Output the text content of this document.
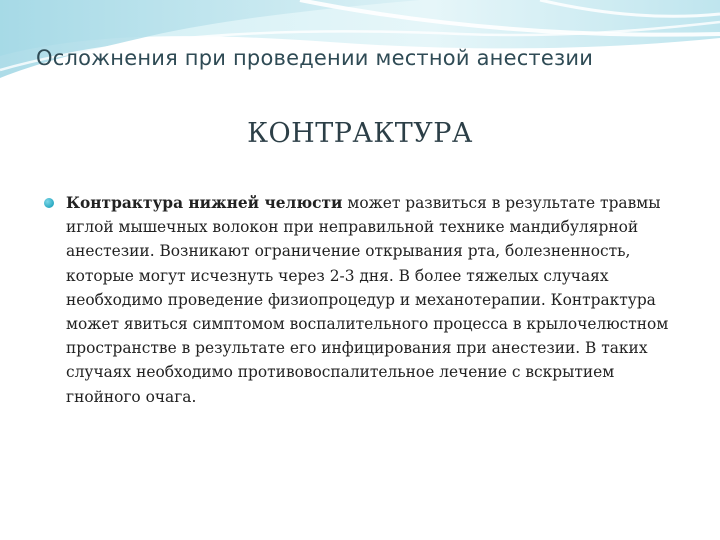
Осложнения при проведении местной анестезии
КОНТРАКТУРА

Контрактура нижней челюсти может развиться в результате травмы иглой мышечных волокон при неправильной технике мандибулярной анестезии. Возникают ограничение открывания рта, болезненность, которые могут исчезнуть через 2-3 дня. В более тяжелых случаях необходимо проведение физиопроцедур и механотерапии. Контрактура может явиться симптомом воспалительного процесса в крылочелюстном пространстве в результате его инфицирования при анестезии. В таких случаях необходимо противовоспалительное лечение с вскрытием гнойного очага.
